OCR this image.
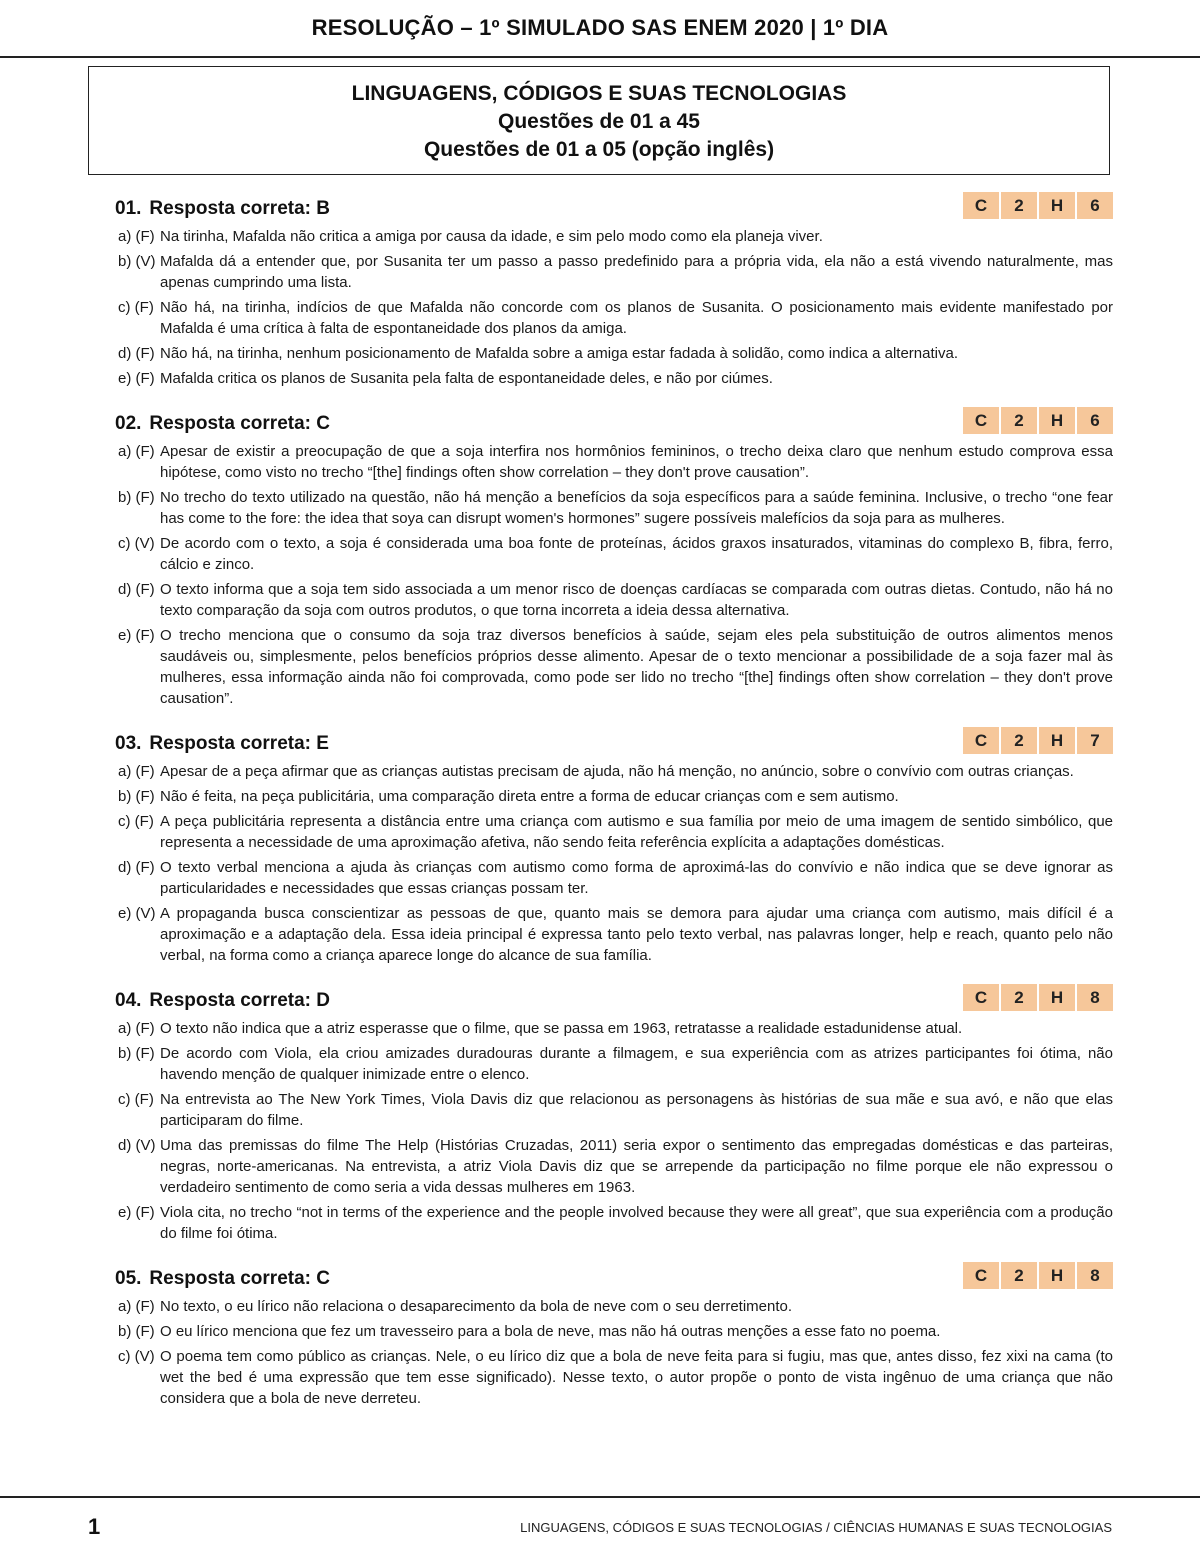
RESOLUÇÃO – 1º SIMULADO SAS ENEM 2020 | 1º DIA
LINGUAGENS, CÓDIGOS E SUAS TECNOLOGIAS
Questões de 01 a 45
Questões de 01 a 05 (opção inglês)
01. Resposta correta: B	C	2	H	6
a) (F) Na tirinha, Mafalda não critica a amiga por causa da idade, e sim pelo modo como ela planeja viver.
b) (V) Mafalda dá a entender que, por Susanita ter um passo a passo predefinido para a própria vida, ela não a está vivendo naturalmente, mas apenas cumprindo uma lista.
c) (F) Não há, na tirinha, indícios de que Mafalda não concorde com os planos de Susanita. O posicionamento mais evidente manifestado por Mafalda é uma crítica à falta de espontaneidade dos planos da amiga.
d) (F) Não há, na tirinha, nenhum posicionamento de Mafalda sobre a amiga estar fadada à solidão, como indica a alternativa.
e) (F) Mafalda critica os planos de Susanita pela falta de espontaneidade deles, e não por ciúmes.
02. Resposta correta: C	C	2	H	6
a) (F) Apesar de existir a preocupação de que a soja interfira nos hormônios femininos, o trecho deixa claro que nenhum estudo comprova essa hipótese, como visto no trecho “[the] findings often show correlation – they don't prove causation”.
b) (F) No trecho do texto utilizado na questão, não há menção a benefícios da soja específicos para a saúde feminina. Inclusive, o trecho “one fear has come to the fore: the idea that soya can disrupt women's hormones” sugere possíveis malefícios da soja para as mulheres.
c) (V) De acordo com o texto, a soja é considerada uma boa fonte de proteínas, ácidos graxos insaturados, vitaminas do complexo B, fibra, ferro, cálcio e zinco.
d) (F) O texto informa que a soja tem sido associada a um menor risco de doenças cardíacas se comparada com outras dietas. Contudo, não há no texto comparação da soja com outros produtos, o que torna incorreta a ideia dessa alternativa.
e) (F) O trecho menciona que o consumo da soja traz diversos benefícios à saúde, sejam eles pela substituição de outros alimentos menos saudáveis ou, simplesmente, pelos benefícios próprios desse alimento. Apesar de o texto mencionar a possibilidade de a soja fazer mal às mulheres, essa informação ainda não foi comprovada, como pode ser lido no trecho “[the] findings often show correlation – they don't prove causation”.
03. Resposta correta: E	C	2	H	7
a) (F) Apesar de a peça afirmar que as crianças autistas precisam de ajuda, não há menção, no anúncio, sobre o convívio com outras crianças.
b) (F) Não é feita, na peça publicitária, uma comparação direta entre a forma de educar crianças com e sem autismo.
c) (F) A peça publicitária representa a distância entre uma criança com autismo e sua família por meio de uma imagem de sentido simbólico, que representa a necessidade de uma aproximação afetiva, não sendo feita referência explícita a adaptações domésticas.
d) (F) O texto verbal menciona a ajuda às crianças com autismo como forma de aproximá-las do convívio e não indica que se deve ignorar as particularidades e necessidades que essas crianças possam ter.
e) (V) A propaganda busca conscientizar as pessoas de que, quanto mais se demora para ajudar uma criança com autismo, mais difícil é a aproximação e a adaptação dela. Essa ideia principal é expressa tanto pelo texto verbal, nas palavras longer, help e reach, quanto pelo não verbal, na forma como a criança aparece longe do alcance de sua família.
04. Resposta correta: D	C	2	H	8
a) (F) O texto não indica que a atriz esperasse que o filme, que se passa em 1963, retratasse a realidade estadunidense atual.
b) (F) De acordo com Viola, ela criou amizades duradouras durante a filmagem, e sua experiência com as atrizes participantes foi ótima, não havendo menção de qualquer inimizade entre o elenco.
c) (F) Na entrevista ao The New York Times, Viola Davis diz que relacionou as personagens às histórias de sua mãe e sua avó, e não que elas participaram do filme.
d) (V) Uma das premissas do filme The Help (Histórias Cruzadas, 2011) seria expor o sentimento das empregadas domésticas e das parteiras, negras, norte-americanas. Na entrevista, a atriz Viola Davis diz que se arrepende da participação no filme porque ele não expressou o verdadeiro sentimento de como seria a vida dessas mulheres em 1963.
e) (F) Viola cita, no trecho “not in terms of the experience and the people involved because they were all great”, que sua experiência com a produção do filme foi ótima.
05. Resposta correta: C	C	2	H	8
a) (F) No texto, o eu lírico não relaciona o desaparecimento da bola de neve com o seu derretimento.
b) (F) O eu lírico menciona que fez um travesseiro para a bola de neve, mas não há outras menções a esse fato no poema.
c) (V) O poema tem como público as crianças. Nele, o eu lírico diz que a bola de neve feita para si fugiu, mas que, antes disso, fez xixi na cama (to wet the bed é uma expressão que tem esse significado). Nesse texto, o autor propõe o ponto de vista ingênuo de uma criança que não considera que a bola de neve derreteu.
1	LINGUAGENS, CÓDIGOS E SUAS TECNOLOGIAS / CIÊNCIAS HUMANAS E SUAS TECNOLOGIAS
